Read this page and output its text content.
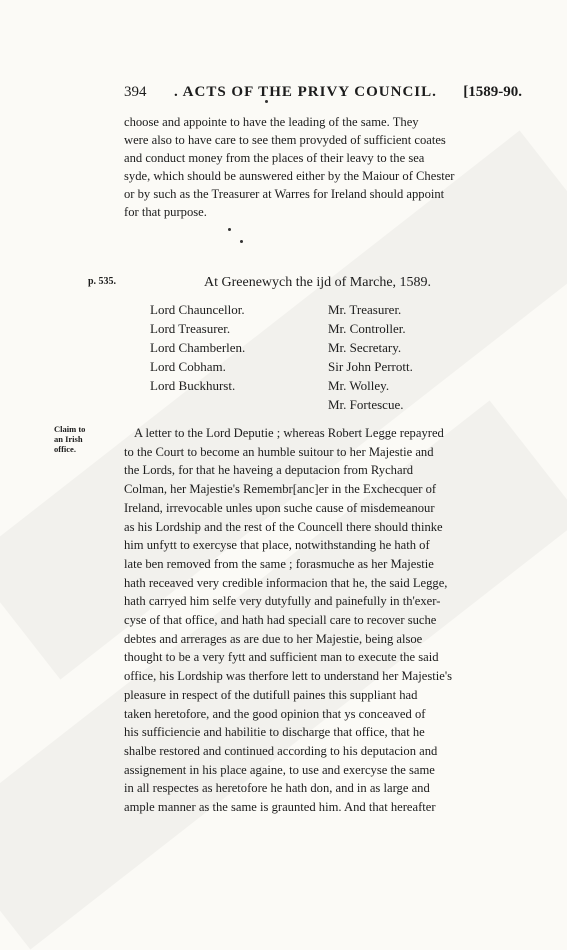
394 . ACTS OF THE PRIVY COUNCIL. [1589-90.
choose and appointe to have the leading of the same. They
were also to have care to see them provyded of sufficient coates
and conduct money from the places of their leavy to the sea
syde, which should be aunswered either by the Maiour of Chester
or by such as the Treasurer at Warres for Ireland should appoint
for that purpose.
p. 535.	At Greenewych the ijd of Marche, 1589.
Lord Chauncellor.
Lord Treasurer.
Lord Chamberlen.
Lord Cobham.
Lord Buckhurst.
Mr. Treasurer.
Mr. Controller.
Mr. Secretary.
Sir John Perrott.
Mr. Wolley.
Mr. Fortescue.
Claim to
an Irish
office.
A letter to the Lord Deputie ; whereas Robert Legge repayred
to the Court to become an humble suitour to her Majestie and
the Lords, for that he haveing a deputacion from Rychard
Colman, her Majestie's Remembr[anc]er in the Exchecquer of
Ireland, irrevocable unles upon suche cause of misdemeanour
as his Lordship and the rest of the Councell there should thinke
him unfytt to exercyse that place, notwithstanding he hath of
late ben removed from the same ; forasmuche as her Majestie
hath receaved very credible informacion that he, the said Legge,
hath carryed him selfe very dutyfully and painefully in th'exer-
cyse of that office, and hath had speciall care to recover suche
debtes and arrerages as are due to her Majestie, being alsoe
thought to be a very fytt and sufficient man to execute the said
office, his Lordship was therfore lett to understand her Majestie's
pleasure in respect of the dutifull paines this suppliant had
taken heretofore, and the good opinion that ys conceaved of
his sufficiencie and habilitie to discharge that office, that he
shalbe restored and continued according to his deputacion and
assignement in his place againe, to use and exercyse the same
in all respectes as heretofore he hath don, and in as large and
ample manner as the same is graunted him. And that hereafter
